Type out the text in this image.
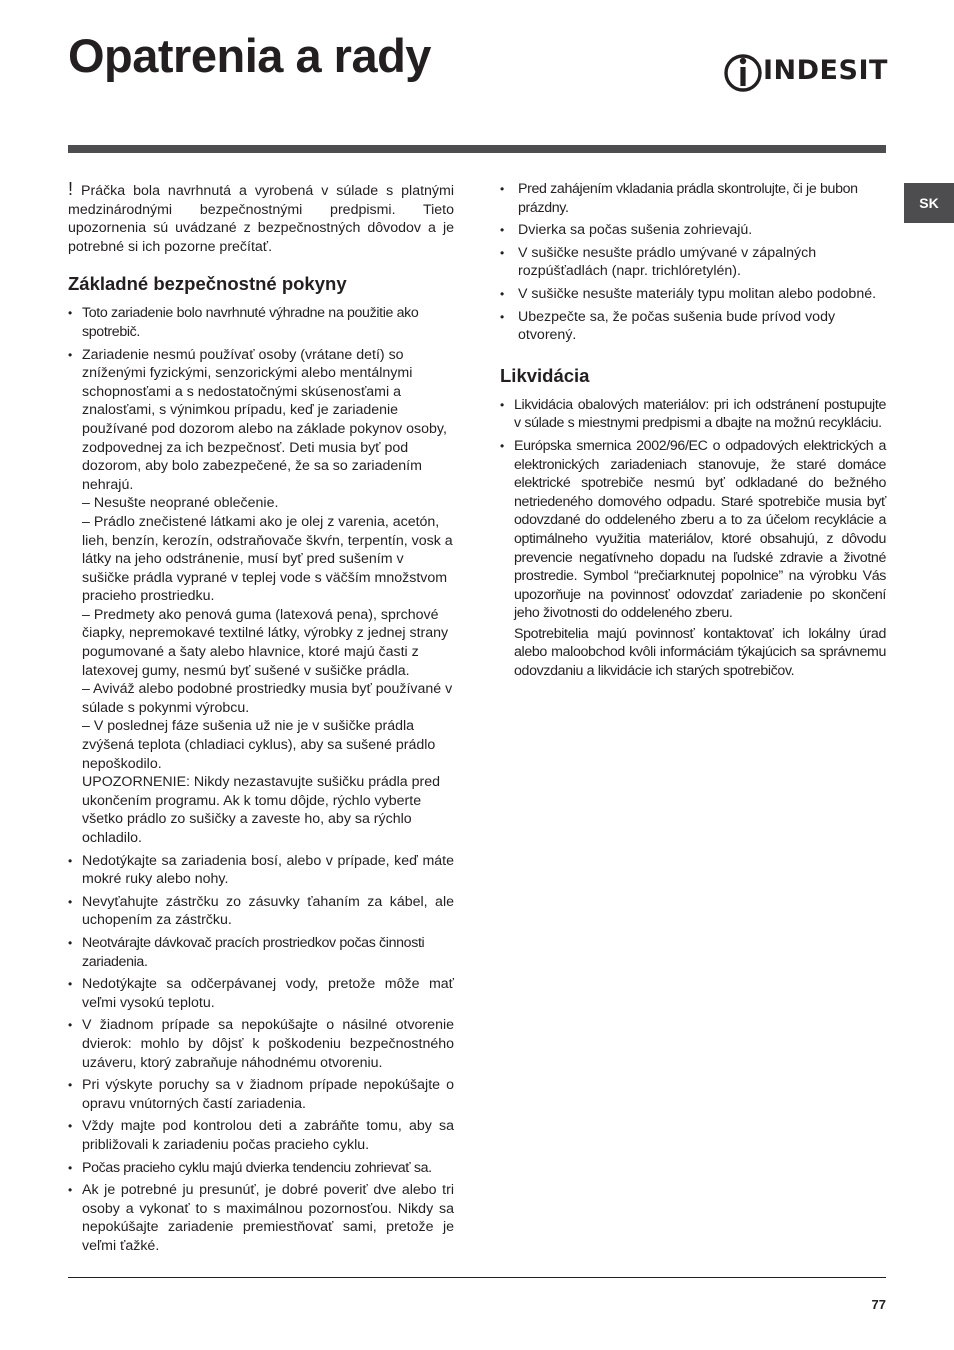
Opatrenia a rady	INDESIT
SK

! Práčka bola navrhnutá a vyrobená v súlade s platnými medzinárodnými bezpečnostnými predpismi. Tieto upozornenia sú uvádzané z bezpečnostných dôvodov a je potrebné si ich pozorne prečítať.

Základné bezpečnostné pokyny
• Toto zariadenie bolo navrhnuté výhradne na použitie ako spotrebič.
• Zariadenie nesmú používať osoby (vrátane detí) so zníženými fyzickými, senzorickými alebo mentálnymi schopnosťami a s nedostatočnými skúsenosťami a znalosťami, s výnimkou prípadu, keď je zariadenie používané pod dozorom alebo na základe pokynov osoby, zodpovednej za ich bezpečnosť. Deti musia byť pod dozorom, aby bolo zabezpečené, že sa so zariadením nehrajú.
– Nesušte neoprané oblečenie.
– Prádlo znečistené látkami ako je olej z varenia, acetón, lieh, benzín, kerozín, odstraňovače škvŕn, terpentín, vosk a látky na jeho odstránenie, musí byť pred sušením v sušičke prádla vyprané v teplej vode s väčším množstvom pracieho prostriedku.
– Predmety ako penová guma (latexová pena), sprchové čiapky, nepremokavé textilné látky, výrobky z jednej strany pogumované a šaty alebo hlavnice, ktoré majú časti z latexovej gumy, nesmú byť sušené v sušičke prádla.
– Aviváž alebo podobné prostriedky musia byť používané v súlade s pokynmi výrobcu.
– V poslednej fáze sušenia už nie je v sušičke prádla zvýšená teplota (chladiaci cyklus), aby sa sušené prádlo nepoškodilo.
UPOZORNENIE: Nikdy nezastavujte sušičku prádla pred ukončením programu. Ak k tomu dôjde, rýchlo vyberte všetko prádlo zo sušičky a zaveste ho, aby sa rýchlo ochladilo.
• Nedotýkajte sa zariadenia bosí, alebo v prípade, keď máte mokré ruky alebo nohy.
• Nevyťahujte zástrčku zo zásuvky ťahaním za kábel, ale uchopením za zástrčku.
• Neotvárajte dávkovač pracích prostriedkov počas činnosti zariadenia.
• Nedotýkajte sa odčerpávanej vody, pretože môže mať veľmi vysokú teplotu.
• V žiadnom prípade sa nepokúšajte o násilné otvorenie dvierok: mohlo by dôjsť k poškodeniu bezpečnostného uzáveru, ktorý zabraňuje náhodnému otvoreniu.
• Pri výskyte poruchy sa v žiadnom prípade nepokúšajte o opravu vnútorných častí zariadenia.
• Vždy majte pod kontrolou deti a zabráňte tomu, aby sa približovali k zariadeniu počas pracieho cyklu.
• Počas pracieho cyklu majú dvierka tendenciu zohrievať sa.
• Ak je potrebné ju presunúť, je dobré poveriť dve alebo tri osoby a vykonať to s maximálnou pozornosťou. Nikdy sa nepokúšajte zariadenie premiestňovať sami, pretože je veľmi ťažké.
• Pred zahájením vkladania prádla skontrolujte, či je bubon prázdny.
• Dvierka sa počas sušenia zohrievajú.
• V sušičke nesušte prádlo umývané v zápalných rozpúšťadlách (napr. trichlóretylén).
• V sušičke nesušte materiály typu molitan alebo podobné.
• Ubezpečte sa, že počas sušenia bude prívod vody otvorený.
Likvidácia
• Likvidácia obalových materiálov: pri ich odstránení postupujte v súlade s miestnymi predpismi a dbajte na možnú recykláciu.
• Európska smernica 2002/96/EC o odpadových elektrických a elektronických zariadeniach stanovuje, že staré domáce elektrické spotrebiče nesmú byť odkladané do bežného netriedeného domového odpadu. Staré spotrebiče musia byť odovzdané do oddeleného zberu a to za účelom recyklácie a optimálneho využitia materiálov, ktoré obsahujú, z dôvodu prevencie negatívneho dopadu na ľudské zdravie a životné prostredie. Symbol “prečiarknutej popolnice” na výrobku Vás upozorňuje na povinnosť odovzdať zariadenie po skončení jeho životnosti do oddeleného zberu.
Spotrebitelia majú povinnosť kontaktovať ich lokálny úrad alebo maloobchod kvôli informáciám týkajúcich sa správnemu odovzdaniu a likvidácie ich starých spotrebičov.
77
